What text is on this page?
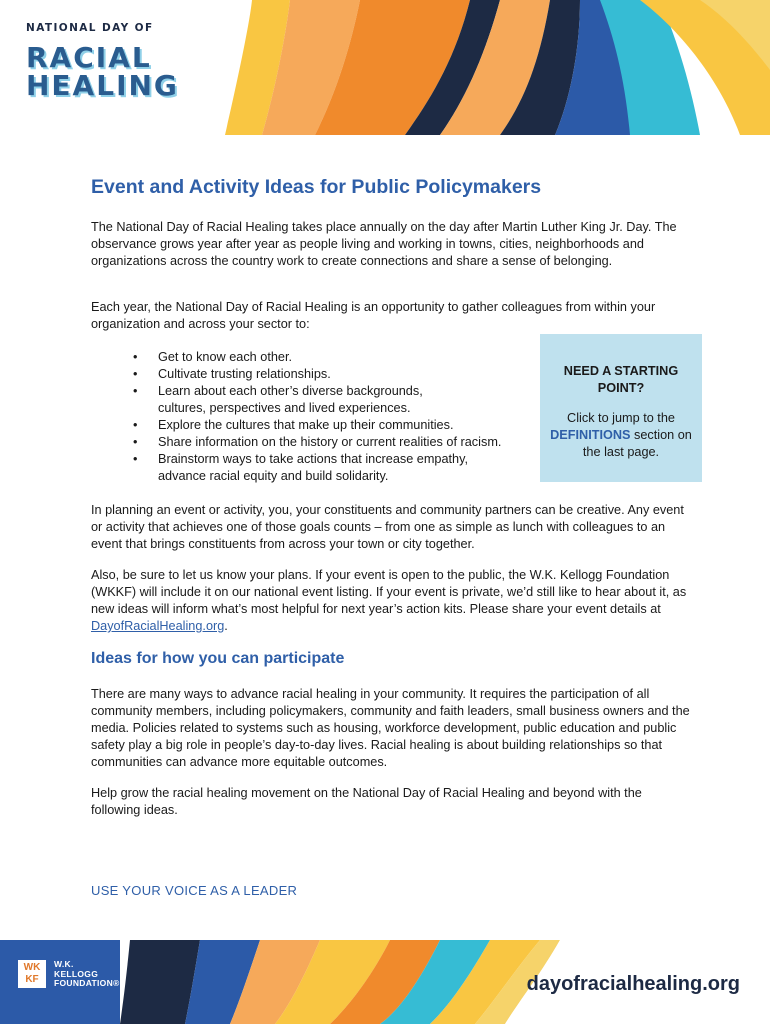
NATIONAL DAY OF
RACIAL
HEALING
Event and Activity Ideas for Public Policymakers

The National Day of Racial Healing takes place annually on the day after Martin Luther King Jr. Day. The observance grows year after year as people living and working in towns, cities, neighborhoods and organizations across the country work to create connections and share a sense of belonging.

Each year, the National Day of Racial Healing is an opportunity to gather colleagues from within your organization and across your sector to:

• Get to know each other.
• Cultivate trusting relationships.
• Learn about each other’s diverse backgrounds, cultures, perspectives and lived experiences.
• Explore the cultures that make up their communities.
• Share information on the history or current realities of racism.
• Brainstorm ways to take actions that increase empathy, advance racial equity and build solidarity.
NEED A STARTING POINT?
Click to jump to the
DEFINITIONS section on the last page.

In planning an event or activity, you, your constituents and community partners can be creative. Any event or activity that achieves one of those goals counts – from one as simple as lunch with colleagues to an event that brings constituents from across your town or city together.

Also, be sure to let us know your plans. If your event is open to the public, the W.K. Kellogg Foundation (WKKF) will include it on our national event listing. If your event is private, we’d still like to hear about it, as new ideas will inform what’s most helpful for next year’s action kits. Please share your event details at DayofRacialHealing.org.

Ideas for how you can participate

There are many ways to advance racial healing in your community. It requires the participation of all community members, including policymakers, community and faith leaders, small business owners and the media. Policies related to systems such as housing, workforce development, public education and public safety play a big role in people’s day-to-day lives. Racial healing is about building relationships so that communities can advance more equitable outcomes.

Help grow the racial healing movement on the National Day of Racial Healing and beyond with the following ideas.

USE YOUR VOICE AS A LEADER
WK KF
W.K.
KELLOGG
FOUNDATION®	dayofracialhealing.org
